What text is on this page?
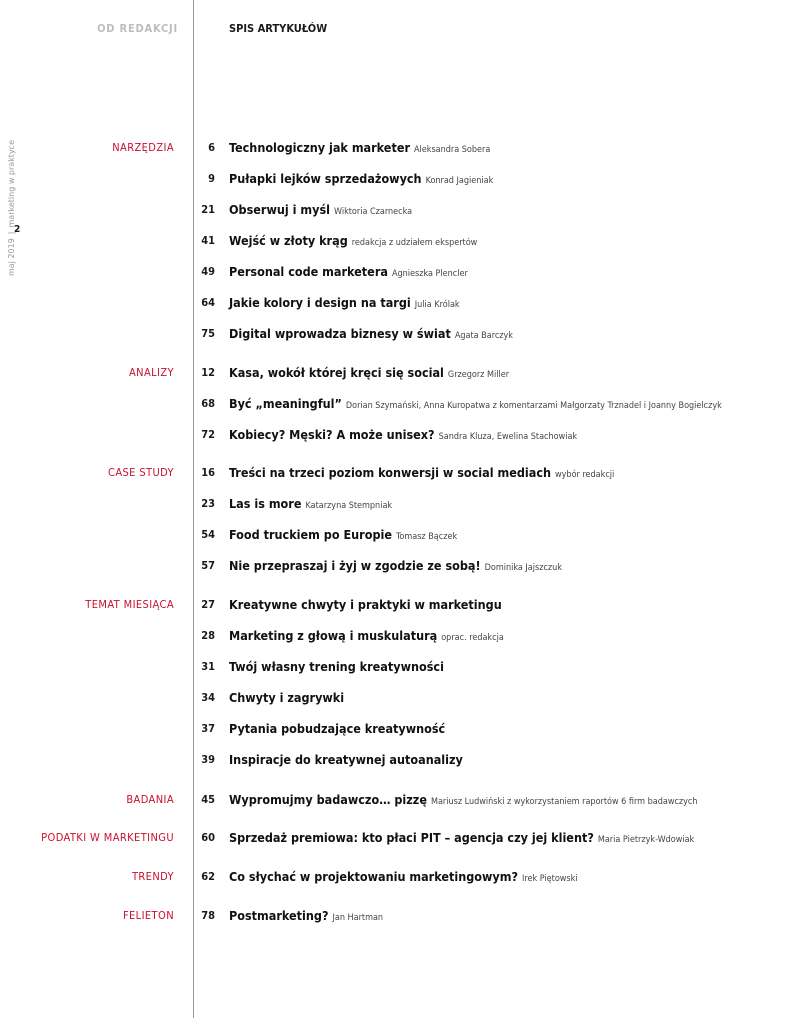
OD REDAKCJI	SPIS ARTYKUŁÓW
maj 2019
|
marketing w praktyce
2
NARZĘDZIA	6 Technologiczny jak marketer Aleksandra Sobera
9 Pułapki lejków sprzedażowych Konrad Jagieniak
21 Obserwuj i myśl Wiktoria Czarnecka
41 Wejść w złoty krąg redakcja z udziałem ekspertów
49 Personal code marketera Agnieszka Plencler
64 Jakie kolory i design na targi Julia Królak
75 Digital wprowadza biznesy w świat Agata Barczyk
ANALIZY 12 Kasa, wokół której kręci się social Grzegorz Miller
68 Być „meaningful” Dorian Szymański, Anna Kuropatwa z komentarzami Małgorzaty Trznadel i Joanny Bogielczyk
72 Kobiecy? Męski? A może unisex? Sandra Kluza, Ewelina Stachowiak
CASE STUDY 16 Treści na trzeci poziom konwersji w social mediach wybór redakcji
23 Las is more Katarzyna Stempniak
54 Food truckiem po Europie Tomasz Bączek
57 Nie przepraszaj i żyj w zgodzie ze sobą! Dominika Jajszczuk
TEMAT MIESIĄCA 27 Kreatywne chwyty i praktyki w marketingu
28 Marketing z głową i muskulaturą oprac. redakcja
31 Twój własny trening kreatywności
34 Chwyty i zagrywki
37 Pytania pobudzające kreatywność
39 Inspiracje do kreatywnej autoanalizy
BADANIA 45 Wypromujmy badawczo… pizzę Mariusz Ludwiński z wykorzystaniem raportów 6 firm badawczych
PODATKI W MARKETINGU 60 Sprzedaż premiowa: kto płaci PIT – agencja czy jej klient? Maria Pietrzyk-Wdowiak
TRENDY 62 Co słychać w projektowaniu marketingowym? Irek Piętowski
FELIETON 78 Postmarketing? Jan Hartman
